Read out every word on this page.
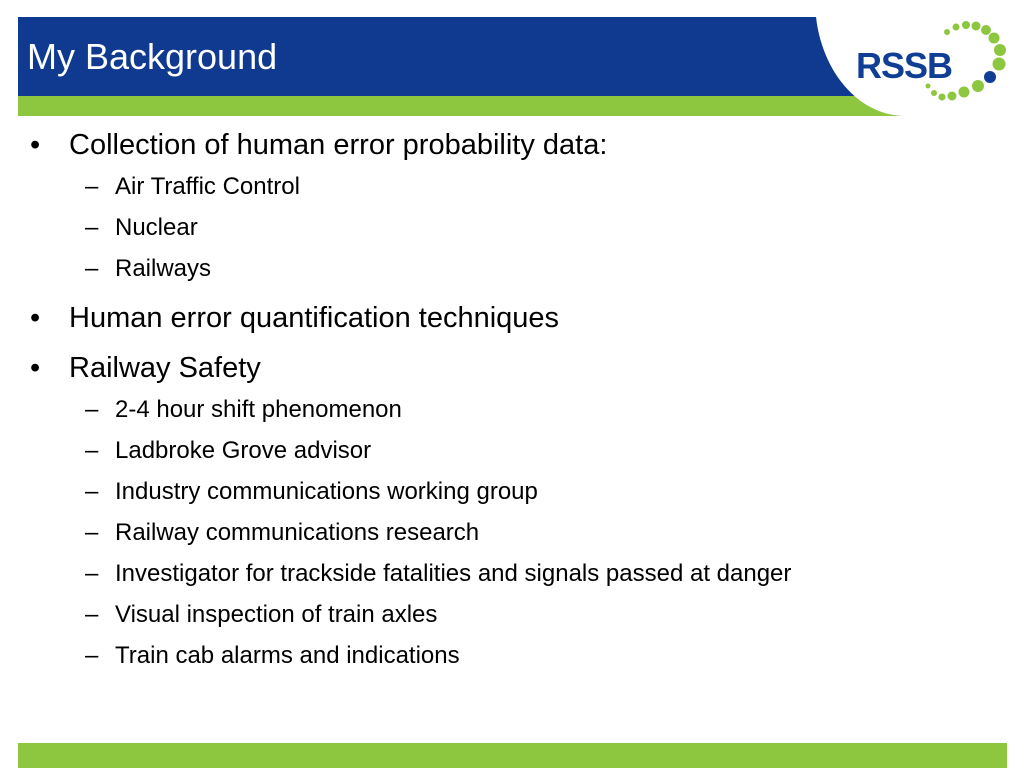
My Background	RSSB
• Collection of human error probability data:
– Air Traffic Control
– Nuclear
– Railways
• Human error quantification techniques
• Railway Safety
– 2-4 hour shift phenomenon
– Ladbroke Grove advisor
– Industry communications working group
– Railway communications research
– Investigator for trackside fatalities and signals passed at danger
– Visual inspection of train axles
– Train cab alarms and indications
